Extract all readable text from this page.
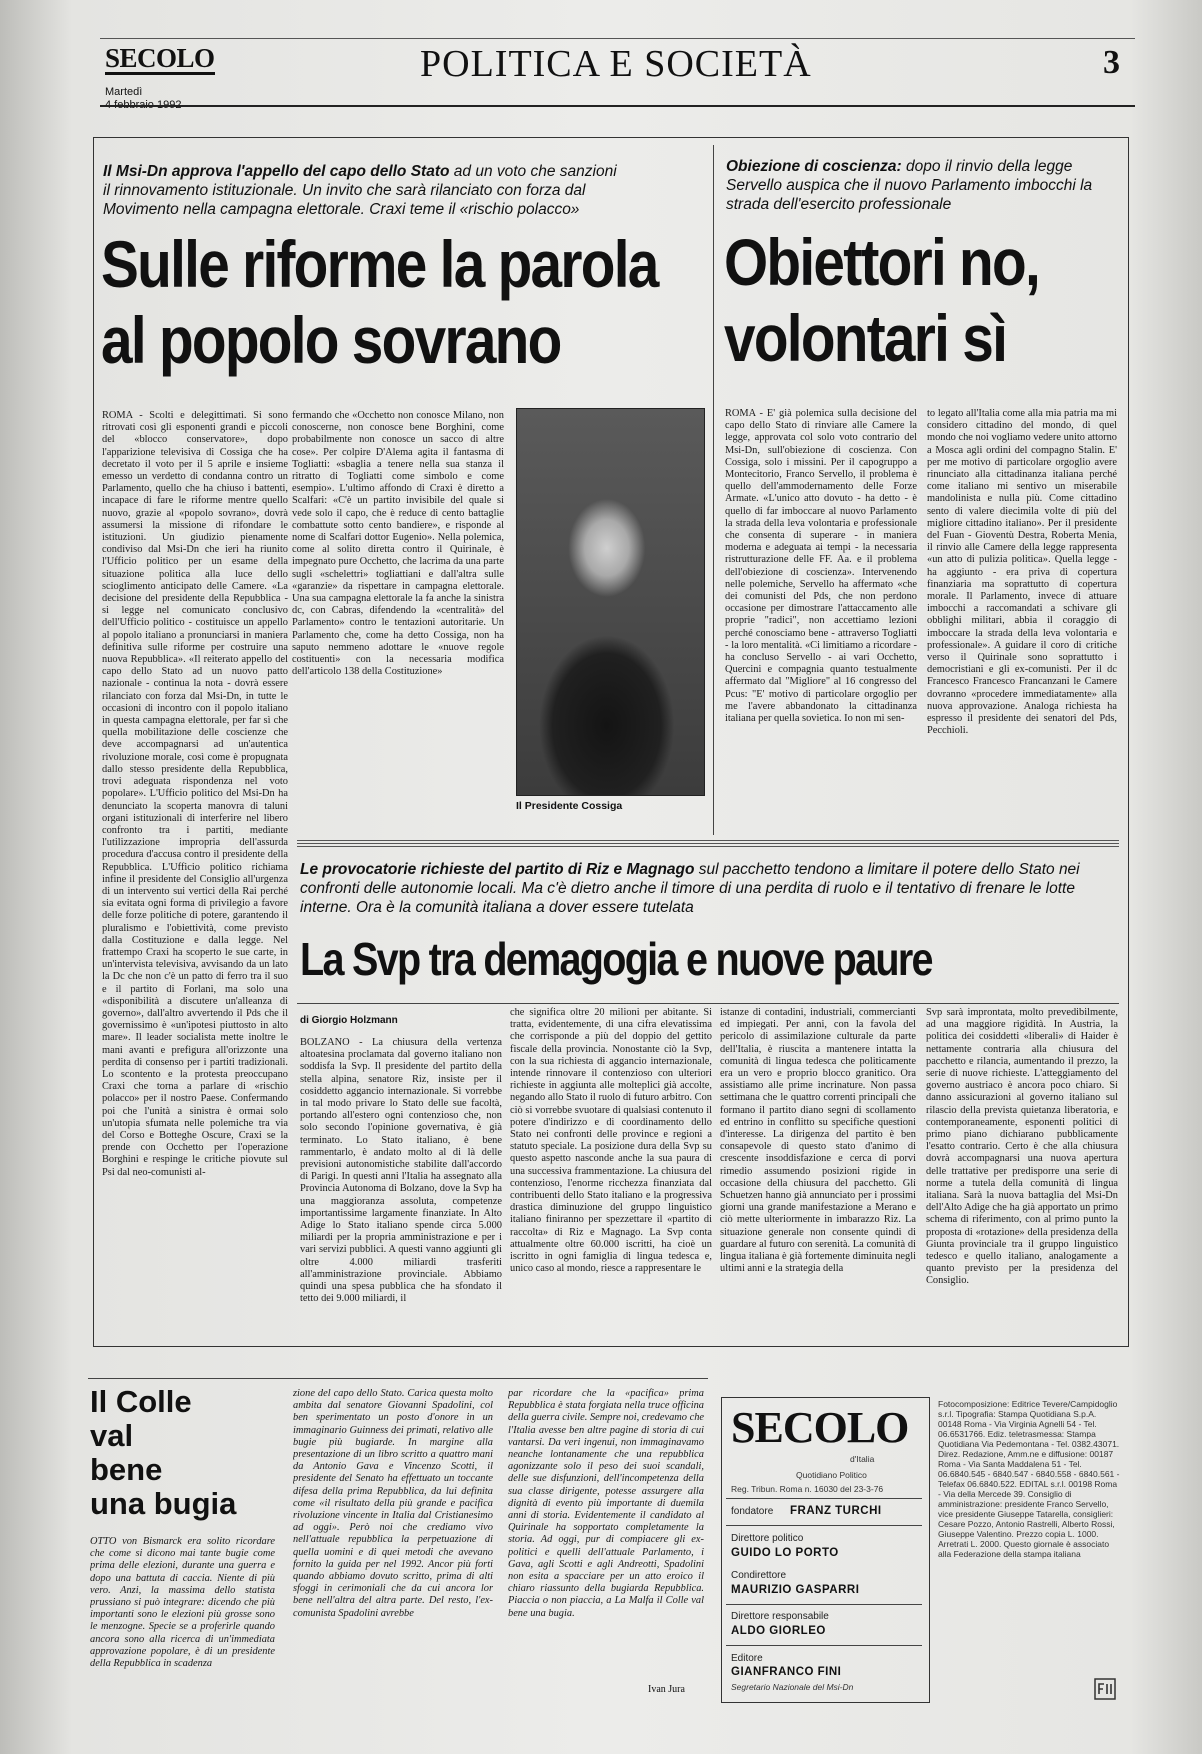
SECOLO
Martedì
POLITICA E SOCIETÀ	3
Il Msi-Dn approva l'appello del capo dello Stato ad un voto che sanzioni il rinnovamento istituzionale. Un invito che sarà rilanciato con forza dal Movimento nella campagna elettorale. Craxi teme il «rischio polacco»
Sulle riforme la parola
al popolo sovrano
ROMA - Scolti e delegittimati. Si sono ritrovati così gli esponenti grandi e piccoli del «blocco conservatore», dopo l'apparizione televisiva di Cossiga che ha decretato il voto per il 5 aprile e insieme emesso un verdetto di condanna contro un Parlamento, quello che ha chiuso i battenti, incapace di fare le riforme mentre quello nuovo, grazie al «popolo sovrano», dovrà assumersi la missione di rifondare le istituzioni. Un giudizio pienamente condiviso dal Msi-Dn che ieri ha riunito l'Ufficio politico per un esame della situazione politica alla luce dello scioglimento anticipato delle Camere. «La decisione del presidente della Repubblica - si legge nel comunicato conclusivo dell'Ufficio politico - costituisce un appello al popolo italiano a pronunciarsi in maniera definitiva sulle riforme per costruire una nuova Repubblica». «Il reiterato appello del capo dello Stato ad un nuovo patto nazionale - continua la nota - dovrà essere rilanciato con forza dal Msi-Dn, in tutte le occasioni di incontro con il popolo italiano in questa campagna elettorale, per far sì che quella mobilitazione delle coscienze che deve accompagnarsi ad un'autentica rivoluzione morale, così come è propugnata dallo stesso presidente della Repubblica, trovi adeguata rispondenza nel voto popolare». L'Ufficio politico del Msi-Dn ha denunciato la scoperta manovra di taluni organi istituzionali di interferire nel libero confronto tra i partiti, mediante l'utilizzazione impropria dell'assurda procedura d'accusa contro il presidente della Repubblica. L'Ufficio politico richiama infine il presidente del Consiglio all'urgenza di un intervento sui vertici della Rai perché sia evitata ogni forma di privilegio a favore delle forze politiche di potere, garantendo il pluralismo e l'obiettività, come previsto dalla Costituzione e dalla legge. Nel frattempo Craxi ha scoperto le sue carte, in un'intervista televisiva, avvisando da un lato la Dc che non c'è un patto di ferro tra il suo e il partito di Forlani, ma solo una «disponibilità a discutere un'alleanza di governo», dall'altro avvertendo il Pds che il governissimo è «un'ipotesi piuttosto in alto mare». Il leader socialista mette inoltre le mani avanti e prefigura all'orizzonte una perdita di consenso per i partiti tradizionali. Lo scontento e la protesta preoccupano Craxi che torna a parlare di «rischio polacco» per il nostro Paese. Confermando poi che l'unità a sinistra è ormai solo un'utopia sfumata nelle polemiche tra via del Corso e Botteghe Oscure, Craxi se la prende con Occhetto per l'operazione Borghini e respinge le critiche piovute sul Psi dal neo-comunisti al-
fermando che «Occhetto non conosce Milano, non conoscerne, non conosce bene Borghini, come probabilmente non conosce un sacco di altre cose». Per colpire D'Alema agita il fantasma di Togliatti: «sbaglia a tenere nella sua stanza il ritratto di Togliatti come simbolo e come esempio». L'ultimo affondo di Craxi è diretto a Scalfari: «C'è un partito invisibile del quale si vede solo il capo, che è reduce di cento battaglie combattute sotto cento bandiere», e risponde al nome di Scalfari dottor Eugenio». Nella polemica, come al solito diretta contro il Quirinale, è impegnato pure Occhetto, che lacrima da una parte sugli «schelettri» togliattiani e dall'altra sulle «garanzie» da rispettare in campagna elettorale. Una sua campagna elettorale la fa anche la sinistra dc, con Cabras, difendendo la «centralità» del Parlamento» contro le tentazioni autoritarie. Un Parlamento che, come ha detto Cossiga, non ha saputo nemmeno adottare le «nuove regole costituenti» con la necessaria modifica dell'articolo 138 della Costituzione»
Il Presidente Cossiga
Obiezione di coscienza: dopo il rinvio della legge Servello auspica che il nuovo Parlamento imbocchi la strada dell'esercito professionale
Obiettori no,
volontari sì
ROMA - E' già polemica sulla decisione del capo dello Stato di rinviare alle Camere la legge, approvata col solo voto contrario del Msi-Dn, sull'obiezione di coscienza. Con Cossiga, solo i missini. Per il capogruppo a Montecitorio, Franco Servello, il problema è quello dell'ammodernamento delle Forze Armate. «L'unico atto dovuto - ha detto - è quello di far imboccare al nuovo Parlamento la strada della leva volontaria e professionale che consenta di superare - in maniera moderna e adeguata ai tempi - la necessaria ristrutturazione delle FF. Aa. e il problema dell'obiezione di coscienza». Intervenendo nelle polemiche, Servello ha affermato «che dei comunisti del Pds, che non perdono occasione per dimostrare l'attaccamento alle proprie "radici", non accettiamo lezioni perché conosciamo bene - attraverso Togliatti - la loro mentalità. «Ci limitiamo a ricordare - ha concluso Servello - ai vari Occhetto, Quercini e compagnia quanto testualmente affermato dal "Migliore" al 16 congresso del Pcus: "E' motivo di particolare orgoglio per me l'avere abbandonato la cittadinanza italiana per quella sovietica. Io non mi sen-
to legato all'Italia come alla mia patria ma mi considero cittadino del mondo, di quel mondo che noi vogliamo vedere unito attorno a Mosca agli ordini del compagno Stalin. E' per me motivo di particolare orgoglio avere rinunciato alla cittadinanza italiana perché come italiano mi sentivo un miserabile mandolinista e nulla più. Come cittadino sento di valere diecimila volte di più del migliore cittadino italiano». Per il presidente del Fuan - Gioventù Destra, Roberta Menia, il rinvio alle Camere della legge rappresenta «un atto di pulizia politica». Quella legge - ha aggiunto - era priva di copertura finanziaria ma soprattutto di copertura morale. Il Parlamento, invece di attuare imbocchi a raccomandati a schivare gli obblighi militari, abbia il coraggio di imboccare la strada della leva volontaria e professionale». A guidare il coro di critiche verso il Quirinale sono soprattutto i democristiani e gli ex-comunisti. Per il dc Francesco Francesco Francanzani le Camere dovranno «procedere immediatamente» alla nuova approvazione. Analoga richiesta ha espresso il presidente dei senatori del Pds, Pecchioli.
Le provocatorie richieste del partito di Riz e Magnago sul pacchetto tendono a limitare il potere dello Stato nei confronti delle autonomie locali. Ma c'è dietro anche il timore di una perdita di ruolo e il tentativo di frenare le lotte interne. Ora è la comunità italiana a dover essere tutelata
La Svp tra demagogia e nuove paure
di Giorgio Holzmann
BOLZANO - La chiusura della vertenza altoatesina proclamata dal governo italiano non soddisfa la Svp. Il presidente del partito della stella alpina, senatore Riz, insiste per il cosiddetto aggancio internazionale. Si vorrebbe in tal modo privare lo Stato delle sue facoltà, portando all'estero ogni contenzioso che, non solo secondo l'opinione governativa, è già terminato. Lo Stato italiano, è bene rammentarlo, è andato molto al di là delle previsioni autonomistiche stabilite dall'accordo di Parigi. In questi anni l'Italia ha assegnato alla Provincia Autonoma di Bolzano, dove la Svp ha una maggioranza assoluta, competenze importantissime largamente finanziate. In Alto Adige lo Stato italiano spende circa 5.000 miliardi per la propria amministrazione e per i vari servizi pubblici. A questi vanno aggiunti gli oltre 4.000 miliardi trasferiti all'amministrazione provinciale. Abbiamo quindi una spesa pubblica che ha sfondato il tetto dei 9.000 miliardi, il
che significa oltre 20 milioni per abitante. Si tratta, evidentemente, di una cifra elevatissima che corrisponde a più del doppio del gettito fiscale della provincia. Nonostante ciò la Svp, con la sua richiesta di aggancio internazionale, intende rinnovare il contenzioso con ulteriori richieste in aggiunta alle molteplici già accolte, negando allo Stato il ruolo di futuro arbitro. Con ciò si vorrebbe svuotare di qualsiasi contenuto il potere d'indirizzo e di coordinamento dello Stato nei confronti delle province e regioni a statuto speciale. La posizione dura della Svp su questo aspetto nasconde anche la sua paura di una successiva frammentazione. La chiusura del contenzioso, l'enorme ricchezza finanziata dal contribuenti dello Stato italiano e la progressiva drastica diminuzione del gruppo linguistico italiano finiranno per spezzettare il «partito di raccolta» di Riz e Magnago. La Svp conta attualmente oltre 60.000 iscritti, ha cioè un iscritto in ogni famiglia di lingua tedesca e, unico caso al mondo, riesce a rappresentare le
istanze di contadini, industriali, commercianti ed impiegati. Per anni, con la favola del pericolo di assimilazione culturale da parte dell'Italia, è riuscita a mantenere intatta la comunità di lingua tedesca che politicamente era un vero e proprio blocco granitico. Ora assistiamo alle prime incrinature. Non passa settimana che le quattro correnti principali che formano il partito diano segni di scollamento ed entrino in conflitto su specifiche questioni d'interesse. La dirigenza del partito è ben consapevole di questo stato d'animo di crescente insoddisfazione e cerca di porvi rimedio assumendo posizioni rigide in occasione della chiusura del pacchetto. Gli Schuetzen hanno già annunciato per i prossimi giorni una grande manifestazione a Merano e ciò mette ulteriormente in imbarazzo Riz. La situazione generale non consente quindi di guardare al futuro con serenità. La comunità di lingua italiana è già fortemente diminuita negli ultimi anni e la strategia della
Svp sarà improntata, molto prevedibilmente, ad una maggiore rigidità. In Austria, la politica dei cosiddetti «liberali» di Haider è nettamente contraria alla chiusura del pacchetto e rilancia, aumentando il prezzo, la serie di nuove richieste. L'atteggiamento del governo austriaco è ancora poco chiaro. Si danno assicurazioni al governo italiano sul rilascio della prevista quietanza liberatoria, e contemporaneamente, esponenti politici di primo piano dichiarano pubblicamente l'esatto contrario. Certo è che alla chiusura dovrà accompagnarsi una nuova apertura delle trattative per predisporre una serie di norme a tutela della comunità di lingua italiana. Sarà la nuova battaglia del Msi-Dn dell'Alto Adige che ha già apportato un primo schema di riferimento, con al primo punto la proposta di «rotazione» della presidenza della Giunta provinciale tra il gruppo linguistico tedesco e quello italiano, analogamente a quanto previsto per la presidenza del Consiglio.
Il Colle
val
bene
una bugia
OTTO von Bismarck era solito ricordare che come si dicono mai tante bugie come prima delle elezioni, durante una guerra e dopo una battuta di caccia. Niente di più vero. Anzi, la massima dello statista prussiano si può integrare: dicendo che più importanti sono le elezioni più grosse sono le menzogne. Specie se a proferirle quando ancora sono alla ricerca di un'immediata approvazione popolare, è di un presidente della Repubblica in scadenza
zione del capo dello Stato. Carica questa molto ambita dal senatore Giovanni Spadolini, col ben sperimentato un posto d'onore in un immaginario Guinness dei primati, relativo alle bugie più bugiarde. In margine alla presentazione di un libro scritto a quattro mani da Antonio Gava e Vincenzo Scotti, il presidente del Senato ha effettuato un toccante difesa della prima Repubblica, da lui definita come «il risultato della più grande e pacifica rivoluzione vincente in Italia dal Cristianesimo ad oggi». Però noi che crediamo vivo nell'attuale repubblica la perpetuazione di quella uomini e di quei metodi che avevano fornito la guida per nel 1992. Ancor più forti quando abbiamo dovuto scritto, prima di alti sfoggi in cerimoniali che da cui ancora lor bene nell'altra del altra parte. Del resto, l'ex-comunista Spadolini avrebbe
par ricordare che la «pacifica» prima Repubblica è stata forgiata nella truce officina della guerra civile. Sempre noi, credevamo che l'Italia avesse ben altre pagine di storia di cui vantarsi. Da veri ingenui, non immaginavamo neanche lontanamente che una repubblica agonizzante solo il peso dei suoi scandali, delle sue disfunzioni, dell'incompetenza della sua classe dirigente, potesse assurgere alla dignità di evento più importante di duemila anni di storia. Evidentemente il candidato al Quirinale ha sopportato completamente la storia. Ad oggi, pur di compiacere gli ex-politici e quelli dell'attuale Parlamento, i Gava, agli Scotti e agli Andreotti, Spadolini non esita a spacciare per un atto eroico il chiaro riassunto della bugiarda Repubblica. Piaccia o non piaccia, a La Malfa il Colle val bene una bugia.
Ivan Jura
SECOLO
d'Italia
Quotidiano Politico
Reg. Tribun. Roma n. 16030 del 23-3-76
fondatore FRANZ TURCHI
Direttore politico
GUIDO LO PORTO
Condirettore
MAURIZIO GASPARRI
Direttore responsabile
ALDO GIORLEO
Editore
GIANFRANCO FINI
Segretario Nazionale del Msi-Dn
Fotocomposizione: Editrice Tevere/Campidoglio s.r.l. Tipografia: Stampa Quotidiana S.p.A. 00148 Roma - Via Virginia Agnelli 54 - Tel. 06.6531766. Ediz. teletrasmessa: Stampa Quotidiana Via Pedemontana - Tel. 0382.43071. Direz. Redazione, Amm.ne e diffusione: 00187 Roma - Via Santa Maddalena 51 - Tel. 06.6840.545 - 6840.547 - 6840.558 - 6840.561 - Telefax 06.6840.522. EDITAL s.r.l. 00198 Roma - Via della Mercede 39. Consiglio di amministrazione: presidente Franco Servello, vice presidente Giuseppe Tatarella, consiglieri: Cesare Pozzo, Antonio Rastrelli, Alberto Rossi, Giuseppe Valentino. Prezzo copia L. 1000. Arretrati L. 2000. Questo giornale è associato alla Federazione della stampa italiana
